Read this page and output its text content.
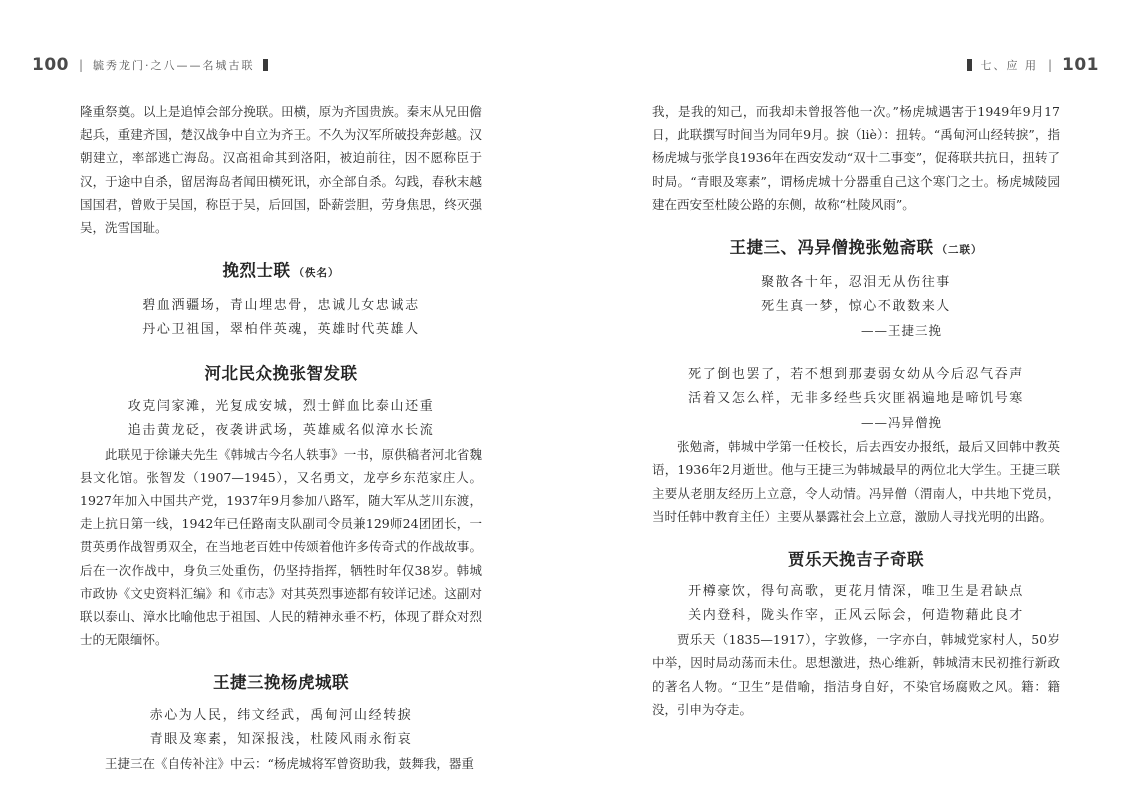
100 | 毓秀龙门·之八——名城古联

隆重祭奠。以上是追悼会部分挽联。田横，原为齐国贵族。秦末从兄田儋起兵，重建齐国，楚汉战争中自立为齐王。不久为汉军所破投奔彭越。汉朝建立，率部逃亡海岛。汉高祖命其到洛阳，被迫前往，因不愿称臣于汉，于途中自杀，留居海岛者闻田横死讯，亦全部自杀。勾践，春秋末越国国君，曾败于吴国，称臣于吴，后回国，卧薪尝胆，劳身焦思，终灭强吴，洗雪国耻。

挽烈士联 （佚名）

碧血洒疆场，青山埋忠骨，忠诚儿女忠诚志

丹心卫祖国，翠柏伴英魂，英雄时代英雄人

河北民众挽张智发联

攻克闫家滩，光复成安城，烈士鲜血比泰山还重

追击黄龙砭，夜袭讲武场，英雄威名似漳水长流

此联见于徐谦夫先生《韩城古今名人轶事》一书，原供稿者河北省魏县文化馆。张智发（1907—1945），又名勇文，龙亭乡东范家庄人。1927年加入中国共产党，1937年9月参加八路军，随大军从芝川东渡，走上抗日第一线，1942年已任路南支队副司令员兼129师24团团长，一贯英勇作战智勇双全，在当地老百姓中传颂着他许多传奇式的作战故事。后在一次作战中，身负三处重伤，仍坚持指挥，牺牲时年仅38岁。韩城市政协《文史资料汇编》和《市志》对其英烈事迹都有较详记述。这副对联以泰山、漳水比喻他忠于祖国、人民的精神永垂不朽，体现了群众对烈士的无限缅怀。

王捷三挽杨虎城联

赤心为人民，纬文经武，禹甸河山经转捩

青眼及寒素，知深报浅，杜陵风雨永衔哀

王捷三在《自传补注》中云：“杨虎城将军曾资助我，鼓舞我，器重

七、应 用 | 101

我，是我的知己，而我却未曾报答他一次。”杨虎城遇害于1949年9月17日，此联撰写时间当为同年9月。捩（liè）：扭转。“禹甸河山经转捩”，指杨虎城与张学良1936年在西安发动“双十二事变”，促蒋联共抗日，扭转了时局。“青眼及寒素”，谓杨虎城十分器重自己这个寒门之士。杨虎城陵园建在西安至杜陵公路的东侧，故称“杜陵风雨”。

王捷三、冯异僧挽张勉斋联 （二联）

聚散各十年，忍泪无从伤往事

死生真一梦，惊心不敢数来人

——王捷三挽

死了倒也罢了，若不想到那妻弱女幼从今后忍气吞声

活着又怎么样，无非多经些兵灾匪祸遍地是啼饥号寒

——冯异僧挽

张勉斋，韩城中学第一任校长，后去西安办报纸，最后又回韩中教英语，1936年2月逝世。他与王捷三为韩城最早的两位北大学生。王捷三联主要从老朋友经历上立意，令人动情。冯异僧（渭南人，中共地下党员，当时任韩中教育主任）主要从暴露社会上立意，激励人寻找光明的出路。

贾乐天挽吉子奇联

开樽豪饮，得句高歌，更花月情深，唯卫生是君缺点

关内登科，陇头作宰，正风云际会，何造物藉此良才

贾乐天（1835—1917），字敦修，一字亦白，韩城党家村人，50岁中举，因时局动荡而未仕。思想激进，热心维新，韩城清末民初推行新政的著名人物。“卫生”是借喻，指洁身自好，不染官场腐败之风。籍：籍没，引申为夺走。
